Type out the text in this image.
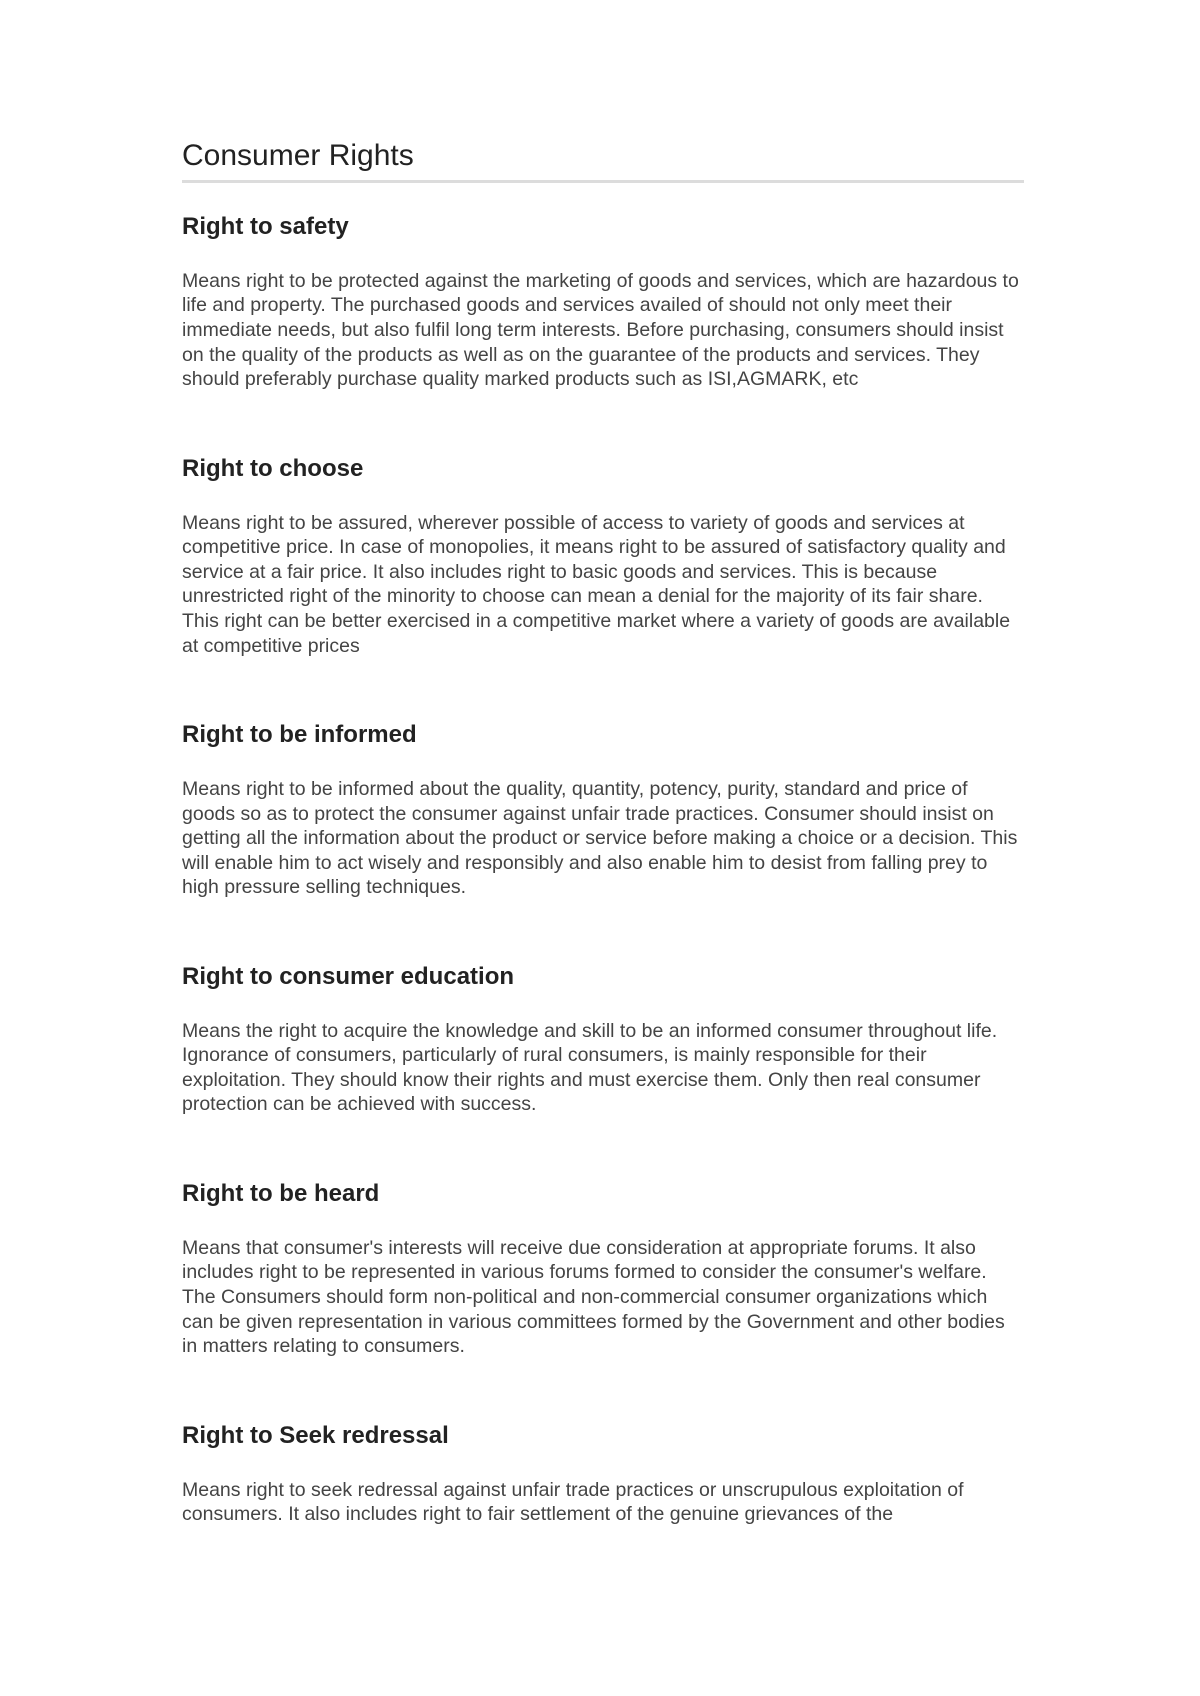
Consumer Rights
Right to safety

Means right to be protected against the marketing of goods and services, which are hazardous to life and property. The purchased goods and services availed of should not only meet their immediate needs, but also fulfil long term interests. Before purchasing, consumers should insist on the quality of the products as well as on the guarantee of the products and services. They should preferably purchase quality marked products such as ISI,AGMARK, etc

Right to choose

Means right to be assured, wherever possible of access to variety of goods and services at competitive price. In case of monopolies, it means right to be assured of satisfactory quality and service at a fair price. It also includes right to basic goods and services. This is because unrestricted right of the minority to choose can mean a denial for the majority of its fair share. This right can be better exercised in a competitive market where a variety of goods are available at competitive prices

Right to be informed

Means right to be informed about the quality, quantity, potency, purity, standard and price of goods so as to protect the consumer against unfair trade practices. Consumer should insist on getting all the information about the product or service before making a choice or a decision. This will enable him to act wisely and responsibly and also enable him to desist from falling prey to high pressure selling techniques.

Right to consumer education

Means the right to acquire the knowledge and skill to be an informed consumer throughout life. Ignorance of consumers, particularly of rural consumers, is mainly responsible for their exploitation. They should know their rights and must exercise them. Only then real consumer protection can be achieved with success.

Right to be heard

Means that consumer's interests will receive due consideration at appropriate forums. It also includes right to be represented in various forums formed to consider the consumer's welfare. The Consumers should form non-political and non-commercial consumer organizations which can be given representation in various committees formed by the Government and other bodies in matters relating to consumers.

Right to Seek redressal

Means right to seek redressal against unfair trade practices or unscrupulous exploitation of consumers. It also includes right to fair settlement of the genuine grievances of the
